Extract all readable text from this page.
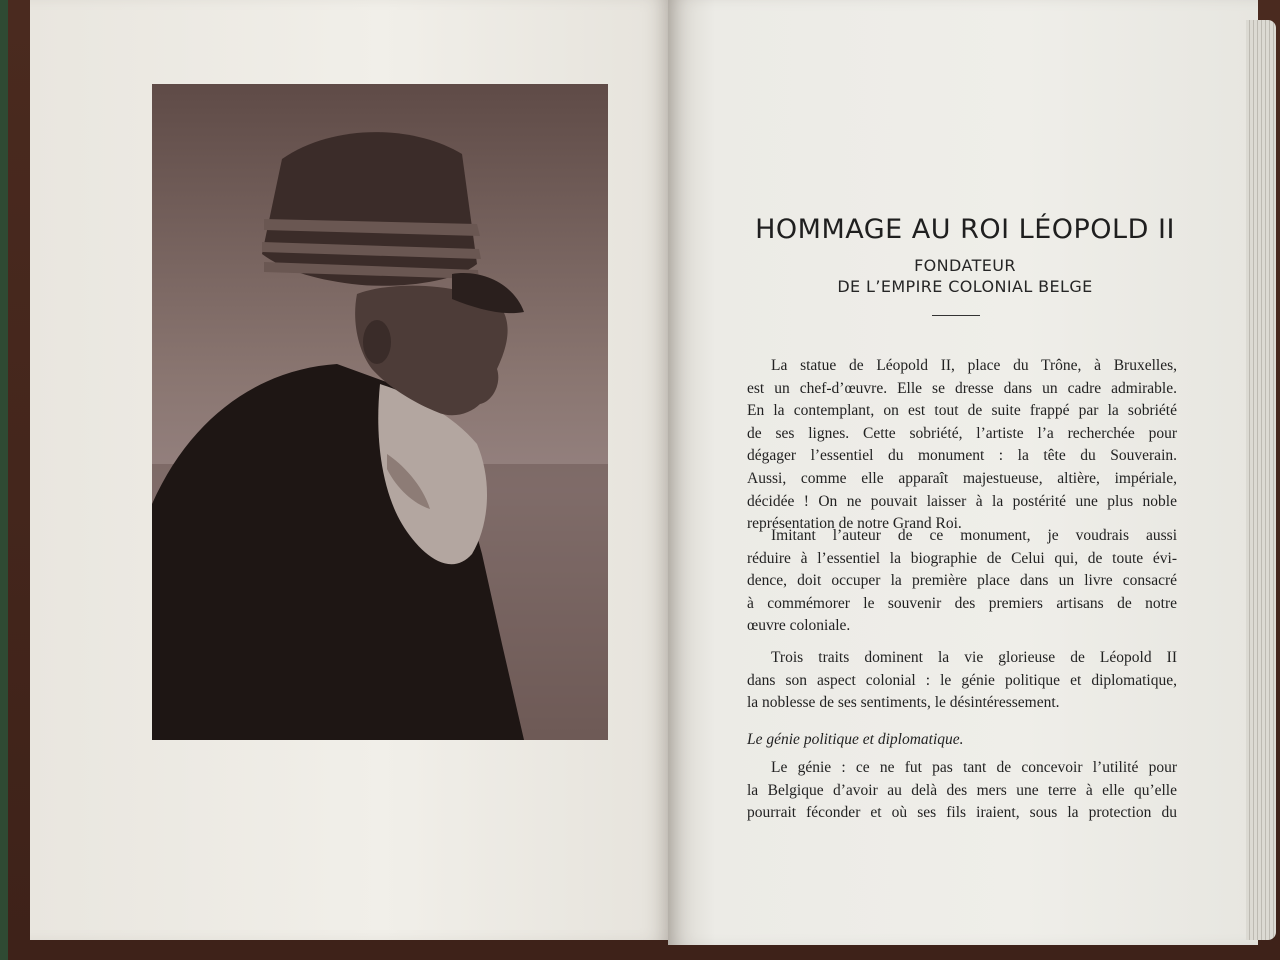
HOMMAGE AU ROI LÉOPOLD II

FONDATEUR

DE L’EMPIRE COLONIAL BELGE

La statue de Léopold II, place du Trône, à Bruxelles,
est un chef-d’œuvre. Elle se dresse dans un cadre admirable.
En la contemplant, on est tout de suite frappé par la sobriété
de ses lignes. Cette sobriété, l’artiste l’a recherchée pour
dégager l’essentiel du monument : la tête du Souverain.
Aussi, comme elle apparaît majestueuse, altière, impériale,
décidée ! On ne pouvait laisser à la postérité une plus noble
représentation de notre Grand Roi.

Imitant l’auteur de ce monument, je voudrais aussi
réduire à l’essentiel la biographie de Celui qui, de toute évi-
dence, doit occuper la première place dans un livre consacré
à commémorer le souvenir des premiers artisans de notre
œuvre coloniale.

Trois traits dominent la vie glorieuse de Léopold II
dans son aspect colonial : le génie politique et diplomatique,
la noblesse de ses sentiments, le désintéressement.

Le génie politique et diplomatique.

Le génie : ce ne fut pas tant de concevoir l’utilité pour
la Belgique d’avoir au delà des mers une terre à elle qu’elle
pourrait féconder et où ses fils iraient, sous la protection du
